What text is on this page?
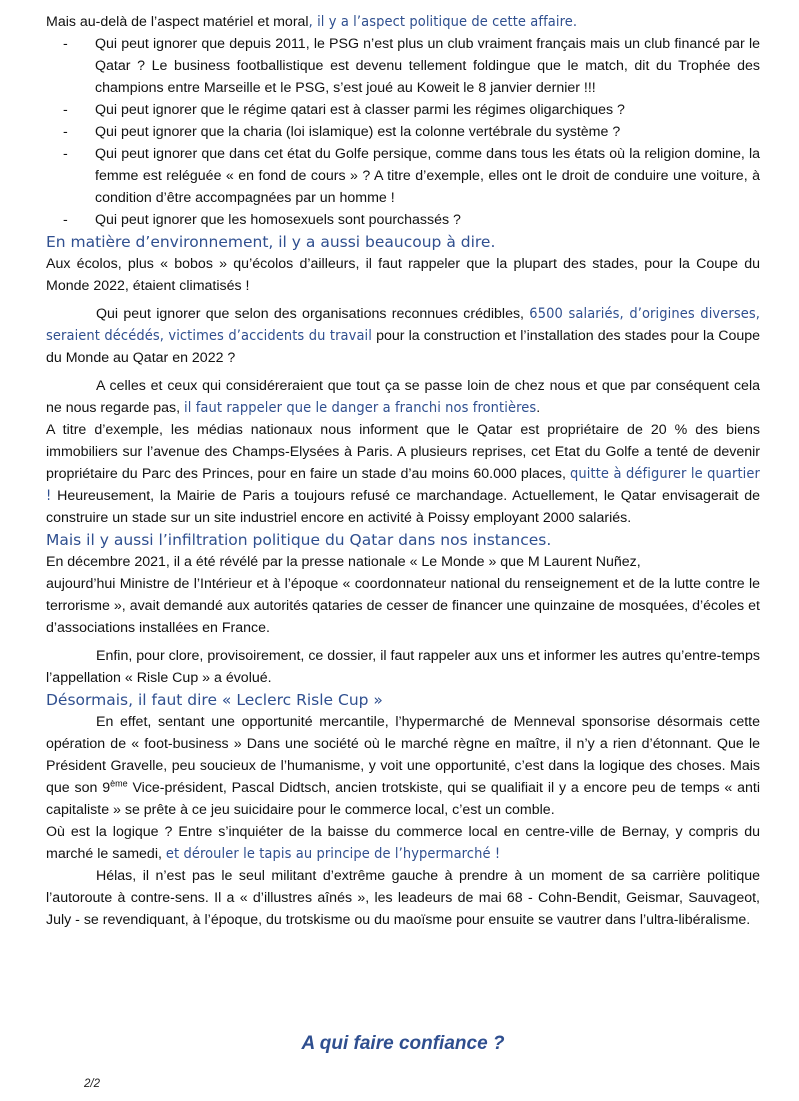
Mais au-delà de l’aspect matériel et moral, il y a l’aspect politique de cette affaire.

- Qui peut ignorer que depuis 2011, le PSG n’est plus un club vraiment français mais un club financé par le Qatar ? Le business footballistique est devenu tellement foldingue que le match, dit du Trophée des champions entre Marseille et le PSG, s’est joué au Koweit le 8 janvier dernier !!!
- Qui peut ignorer que le régime qatari est à classer parmi les régimes oligarchiques ?
- Qui peut ignorer que la charia (loi islamique) est la colonne vertébrale du système ?
- Qui peut ignorer que dans cet état du Golfe persique, comme dans tous les états où la religion domine, la femme est reléguée « en fond de cours » ? A titre d’exemple, elles ont le droit de conduire une voiture, à condition d’être accompagnées par un homme !
- Qui peut ignorer que les homosexuels sont pourchassés ?

En matière d’environnement, il y a aussi beaucoup à dire.

Aux écolos, plus « bobos » qu’écolos d’ailleurs, il faut rappeler que la plupart des stades, pour la Coupe du Monde 2022, étaient climatisés !

Qui peut ignorer que selon des organisations reconnues crédibles, 6500 salariés, d’origines diverses, seraient décédés, victimes d’accidents du travail pour la construction et l’installation des stades pour la Coupe du Monde au Qatar en 2022 ?

A celles et ceux qui considéreraient que tout ça se passe loin de chez nous et que par conséquent cela ne nous regarde pas, il faut rappeler que le danger a franchi nos frontières.

A titre d’exemple, les médias nationaux nous informent que le Qatar est propriétaire de 20 % des biens immobiliers sur l’avenue des Champs-Elysées à Paris. A plusieurs reprises, cet Etat du Golfe a tenté de devenir propriétaire du Parc des Princes, pour en faire un stade d’au moins 60.000 places, quitte à défigurer le quartier ! Heureusement, la Mairie de Paris a toujours refusé ce marchandage. Actuellement, le Qatar envisagerait de construire un stade sur un site industriel encore en activité à Poissy employant 2000 salariés.

Mais il y aussi l’infiltration politique du Qatar dans nos instances.

En décembre 2021, il a été révélé par la presse nationale « Le Monde » que M Laurent Nuñez,

aujourd’hui Ministre de l’Intérieur et à l’époque « coordonnateur national du renseignement et de la lutte contre le terrorisme », avait demandé aux autorités qataries de cesser de financer une quinzaine de mosquées, d’écoles et d’associations installées en France.

Enfin, pour clore, provisoirement, ce dossier, il faut rappeler aux uns et informer les autres qu’entre-temps l’appellation « Risle Cup » a évolué.

Désormais, il faut dire « Leclerc Risle Cup »

En effet, sentant une opportunité mercantile, l’hypermarché de Menneval sponsorise désormais cette opération de « foot-business » Dans une société où le marché règne en maître, il n’y a rien d’étonnant. Que le Président Gravelle, peu soucieux de l’humanisme, y voit une opportunité, c’est dans la logique des choses. Mais que son 9ème Vice-président, Pascal Didtsch, ancien trotskiste, qui se qualifiait il y a encore peu de temps « anti capitaliste » se prête à ce jeu suicidaire pour le commerce local, c’est un comble.

Où est la logique ? Entre s’inquiéter de la baisse du commerce local en centre-ville de Bernay, y compris du marché le samedi, et dérouler le tapis au principe de l’hypermarché !

Hélas, il n’est pas le seul militant d’extrême gauche à prendre à un moment de sa carrière politique l’autoroute à contre-sens. Il a « d’illustres aînés », les leadeurs de mai 68 - Cohn-Bendit, Geismar, Sauvageot, July - se revendiquant, à l’époque, du trotskisme ou du maoïsme pour ensuite se vautrer dans l’ultra-libéralisme.

A qui faire confiance ?
2/2
